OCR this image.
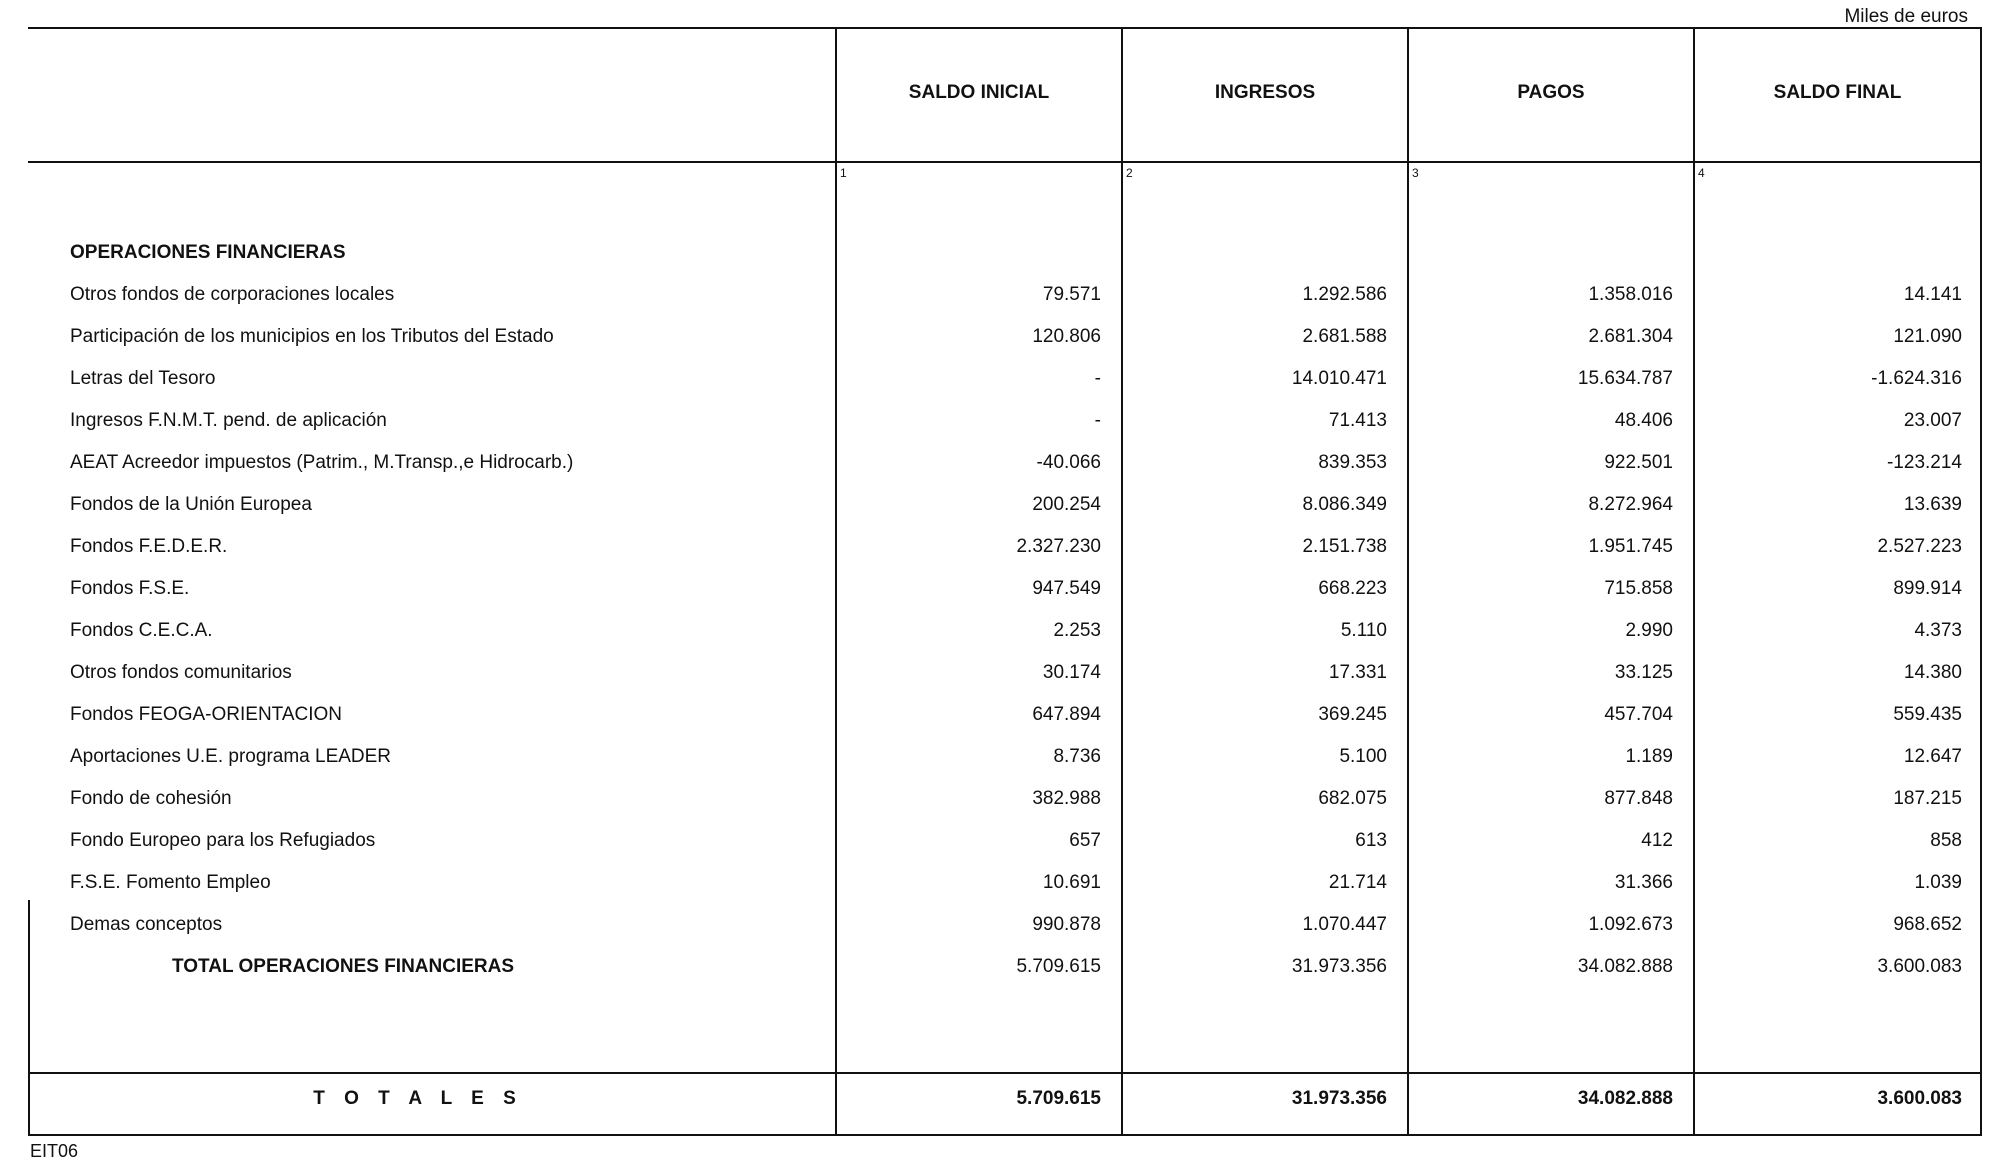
Miles de euros
SALDO INICIAL	INGRESOS	PAGOS	SALDO FINAL
1	2	3	4
OPERACIONES FINANCIERAS
Otros fondos de corporaciones locales	79.571	1.292.586	1.358.016	14.141
Participación de los municipios en los Tributos del Estado	120.806	2.681.588	2.681.304	121.090
Letras del Tesoro	-	14.010.471	15.634.787	-1.624.316
Ingresos F.N.M.T. pend. de aplicación	-	71.413	48.406	23.007
AEAT Acreedor impuestos (Patrim., M.Transp.,e Hidrocarb.)	-40.066	839.353	922.501	-123.214
Fondos de la Unión Europea	200.254	8.086.349	8.272.964	13.639
Fondos F.E.D.E.R.	2.327.230	2.151.738	1.951.745	2.527.223
Fondos F.S.E.	947.549	668.223	715.858	899.914
Fondos C.E.C.A.	2.253	5.110	2.990	4.373
Otros fondos comunitarios	30.174	17.331	33.125	14.380
Fondos FEOGA-ORIENTACION	647.894	369.245	457.704	559.435
Aportaciones U.E. programa LEADER	8.736	5.100	1.189	12.647
Fondo de cohesión	382.988	682.075	877.848	187.215
Fondo Europeo para los Refugiados	657	613	412	858
F.S.E. Fomento Empleo	10.691	21.714	31.366	1.039
Demas conceptos	990.878	1.070.447	1.092.673	968.652
TOTAL OPERACIONES FINANCIERAS	5.709.615	31.973.356	34.082.888	3.600.083
T O T A L E S	5.709.615	31.973.356	34.082.888	3.600.083
EIT06
